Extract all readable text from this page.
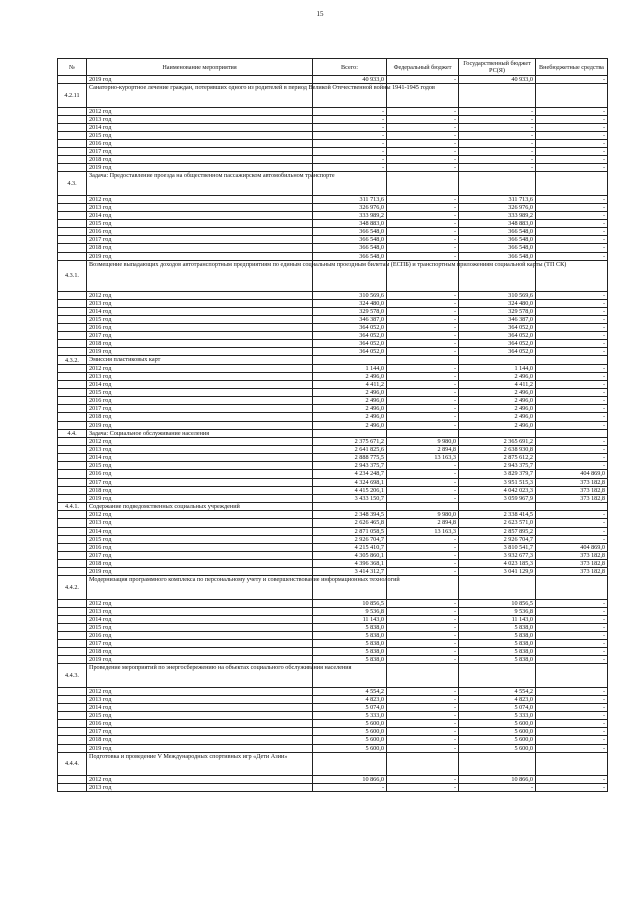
15
№	Наименование мероприятия	Всего:	Федеральный бюджет	Государственный бюджет РС(Я)	Внебюджетные средства
	2019 год	40 933,0	-	40 933,0	-
4.2.11	Санаторно-курортное лечение граждан, потерявших одного из родителей в период Великой Отечественной войны 1941-1945 годов				
	2012 год	-	-	-	-
	2013 год	-	-	-	-
	2014 год	-	-	-	-
	2015 год	-	-	-	-
	2016 год	-	-	-	-
	2017 год	-	-	-	-
	2018 год	-	-	-	-
	2019 год	-	-	-	-
4.3.	Задача: Предоставление проезда на общественном пассажирском автомобильном транспорте				
	2012 год	311 713,6	-	311 713,6	-
	2013 год	326 976,0	-	326 976,0	-
	2014 год	333 989,2	-	333 989,2	-
	2015 год	348 883,0	-	348 883,0	-
	2016 год	366 548,0	-	366 548,0	-
	2017 год	366 548,0	-	366 548,0	-
	2018 год	366 548,0	-	366 548,0	-
	2019 год	366 548,0	-	366 548,0	-
4.3.1.	Возмещение выпадающих доходов автотранспортным предприятиям по единым социальным проездным билетам (ЕСПБ) и транспортным приложениям социальной карты (ТП СК)				
	2012 год	310 569,6	-	310 569,6	-
	2013 год	324 480,0	-	324 480,0	-
	2014 год	329 578,0	-	329 578,0	-
	2015 год	346 387,0	-	346 387,0	-
	2016 год	364 052,0	-	364 052,0	-
	2017 год	364 052,0	-	364 052,0	-
	2018 год	364 052,0	-	364 052,0	-
	2019 год	364 052,0	-	364 052,0	-
4.3.2.	Эмиссия пластиковых карт				
	2012 год	1 144,0	-	1 144,0	-
	2013 год	2 496,0	-	2 496,0	-
	2014 год	4 411,2	-	4 411,2	-
	2015 год	2 496,0	-	2 496,0	-
	2016 год	2 496,0	-	2 496,0	-
	2017 год	2 496,0	-	2 496,0	-
	2018 год	2 496,0	-	2 496,0	-
	2019 год	2 496,0	-	2 496,0	-
4.4.	Задача: Социальное обслуживание населения				
	2012 год	2 375 671,2	9 980,0	2 365 691,2	-
	2013 год	2 641 825,6	2 894,8	2 638 930,8	-
	2014 год	2 888 775,5	13 163,3	2 875 612,2	-
	2015 год	2 943 375,7	-	2 943 375,7	-
	2016 год	4 234 248,7	-	3 829 379,7	404 869,0
	2017 год	4 324 698,1	-	3 951 515,3	373 182,8
	2018 год	4 415 206,1	-	4 042 023,3	373 182,8
	2019 год	3 433 150,7	-	3 059 967,9	373 182,8
4.4.1.	Содержание подведомственных социальных учреждений				
	2012 год	2 348 394,5	9 980,0	2 338 414,5	-
	2013 год	2 626 465,8	2 894,8	2 623 571,0	-
	2014 год	2 871 058,5	13 163,3	2 857 895,2	-
	2015 год	2 926 704,7	-	2 926 704,7	-
	2016 год	4 215 410,7	-	3 810 541,7	404 869,0
	2017 год	4 305 860,1	-	3 932 677,3	373 182,8
	2018 год	4 396 368,1	-	4 023 185,3	373 182,8
	2019 год	3 414 312,7	-	3 041 129,9	373 182,8
4.4.2.	Модернизация программного комплекса по персональному учету и совершенствование информационных технологий				
	2012 год	10 856,5	-	10 856,5	-
	2013 год	9 536,8	-	9 536,8	-
	2014 год	11 143,0	-	11 143,0	-
	2015 год	5 838,0	-	5 838,0	-
	2016 год	5 838,0	-	5 838,0	-
	2017 год	5 838,0	-	5 838,0	-
	2018 год	5 838,0	-	5 838,0	-
	2019 год	5 838,0	-	5 838,0	-
4.4.3.	Проведение мероприятий по энергосбережению на объектах социального обслуживания населения				
	2012 год	4 554,2	-	4 554,2	-
	2013 год	4 823,0	-	4 823,0	-
	2014 год	5 074,0	-	5 074,0	-
	2015 год	5 333,0	-	5 333,0	-
	2016 год	5 600,0	-	5 600,0	-
	2017 год	5 600,0	-	5 600,0	-
	2018 год	5 600,0	-	5 600,0	-
	2019 год	5 600,0	-	5 600,0	-
4.4.4.	Подготовка и проведение V Международных спортивных игр «Дети Азии»				
	2012 год	10 866,0	-	10 866,0	-
	2013 год	-	-	-	-
